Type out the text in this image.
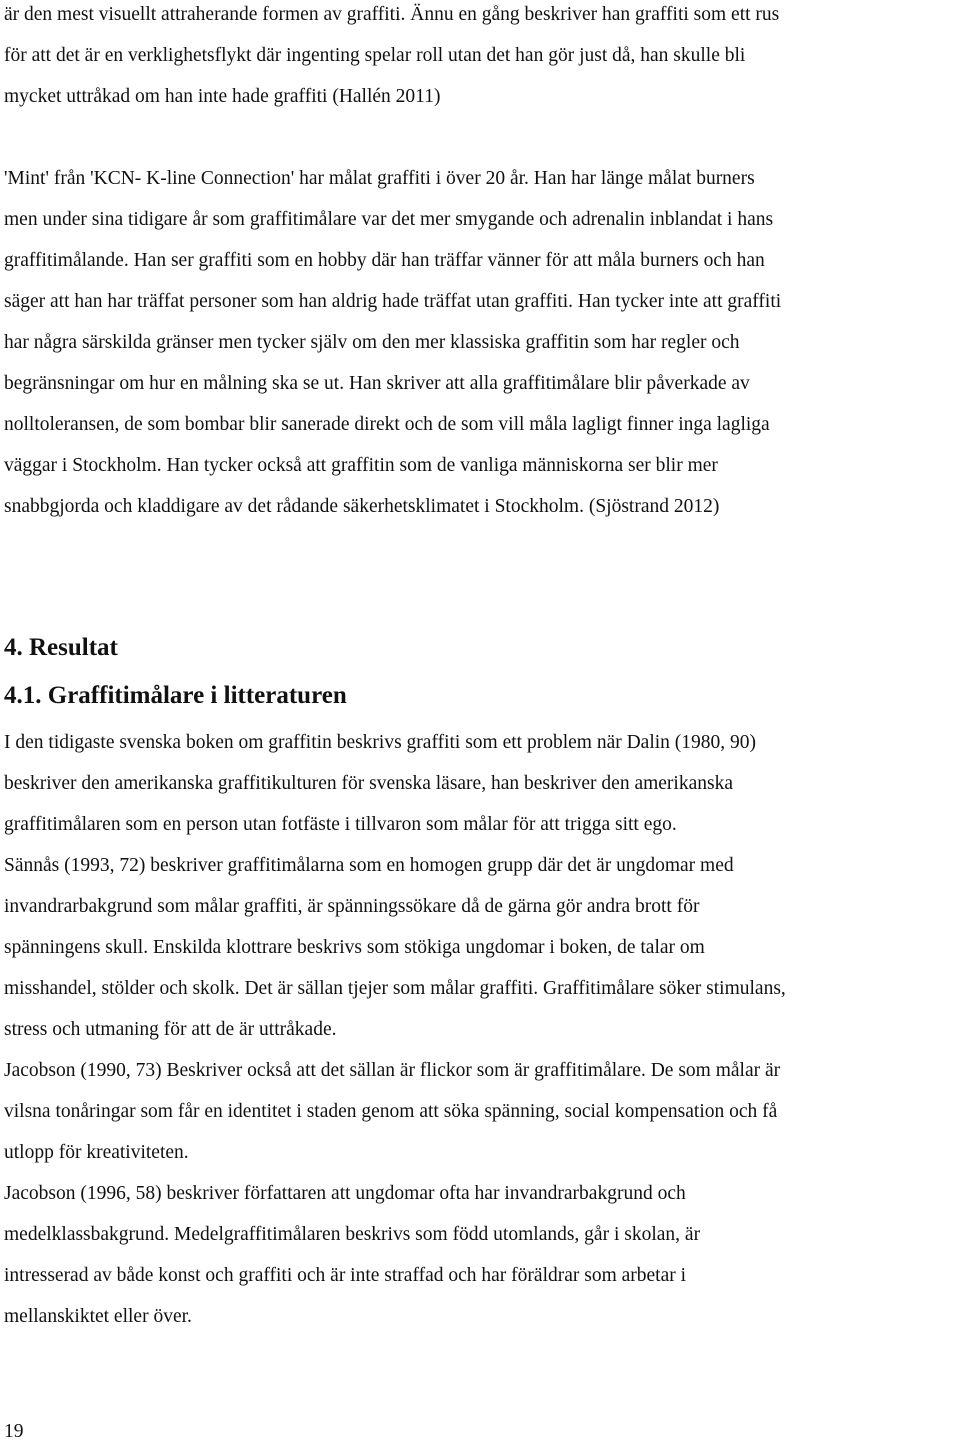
är den mest visuellt attraherande formen av graffiti. Ännu en gång beskriver han graffiti som ett rus
för att det är en verklighetsflykt där ingenting spelar roll utan det han gör just då, han skulle bli
mycket uttråkad om han inte hade graffiti (Hallén 2011)

'Mint' från 'KCN- K-line Connection' har målat graffiti i över 20 år. Han har länge målat burners
men under sina tidigare år som graffitimålare var det mer smygande och adrenalin inblandat i hans
graffitimålande. Han ser graffiti som en hobby där han träffar vänner för att måla burners och han
säger att han har träffat personer som han aldrig hade träffat utan graffiti. Han tycker inte att graffiti
har några särskilda gränser men tycker själv om den mer klassiska graffitin som har regler och
begränsningar om hur en målning ska se ut. Han skriver att alla graffitimålare blir påverkade av
nolltoleransen, de som bombar blir sanerade direkt och de som vill måla lagligt finner inga lagliga
väggar i Stockholm. Han tycker också att graffitin som de vanliga människorna ser blir mer
snabbgjorda och kladdigare av det rådande säkerhetsklimatet i Stockholm. (Sjöstrand 2012)

4. Resultat
4.1. Graffitimålare i litteraturen

I den tidigaste svenska boken om graffitin beskrivs graffiti som ett problem när Dalin (1980, 90)
beskriver den amerikanska graffitikulturen för svenska läsare, han beskriver den amerikanska
graffitimålaren som en person utan fotfäste i tillvaron som målar för att trigga sitt ego.

Sännås (1993, 72) beskriver graffitimålarna som en homogen grupp där det är ungdomar med
invandrarbakgrund som målar graffiti, är spänningssökare då de gärna gör andra brott för
spänningens skull. Enskilda klottrare beskrivs som stökiga ungdomar i boken, de talar om
misshandel, stölder och skolk. Det är sällan tjejer som målar graffiti. Graffitimålare söker stimulans,
stress och utmaning för att de är uttråkade.

Jacobson (1990, 73) Beskriver också att det sällan är flickor som är graffitimålare. De som målar är
vilsna tonåringar som får en identitet i staden genom att söka spänning, social kompensation och få
utlopp för kreativiteten.

Jacobson (1996, 58) beskriver författaren att ungdomar ofta har invandrarbakgrund och
medelklassbakgrund. Medelgraffitimålaren beskrivs som född utomlands, går i skolan, är
intresserad av både konst och graffiti och är inte straffad och har föräldrar som arbetar i
mellanskiktet eller över.

19
